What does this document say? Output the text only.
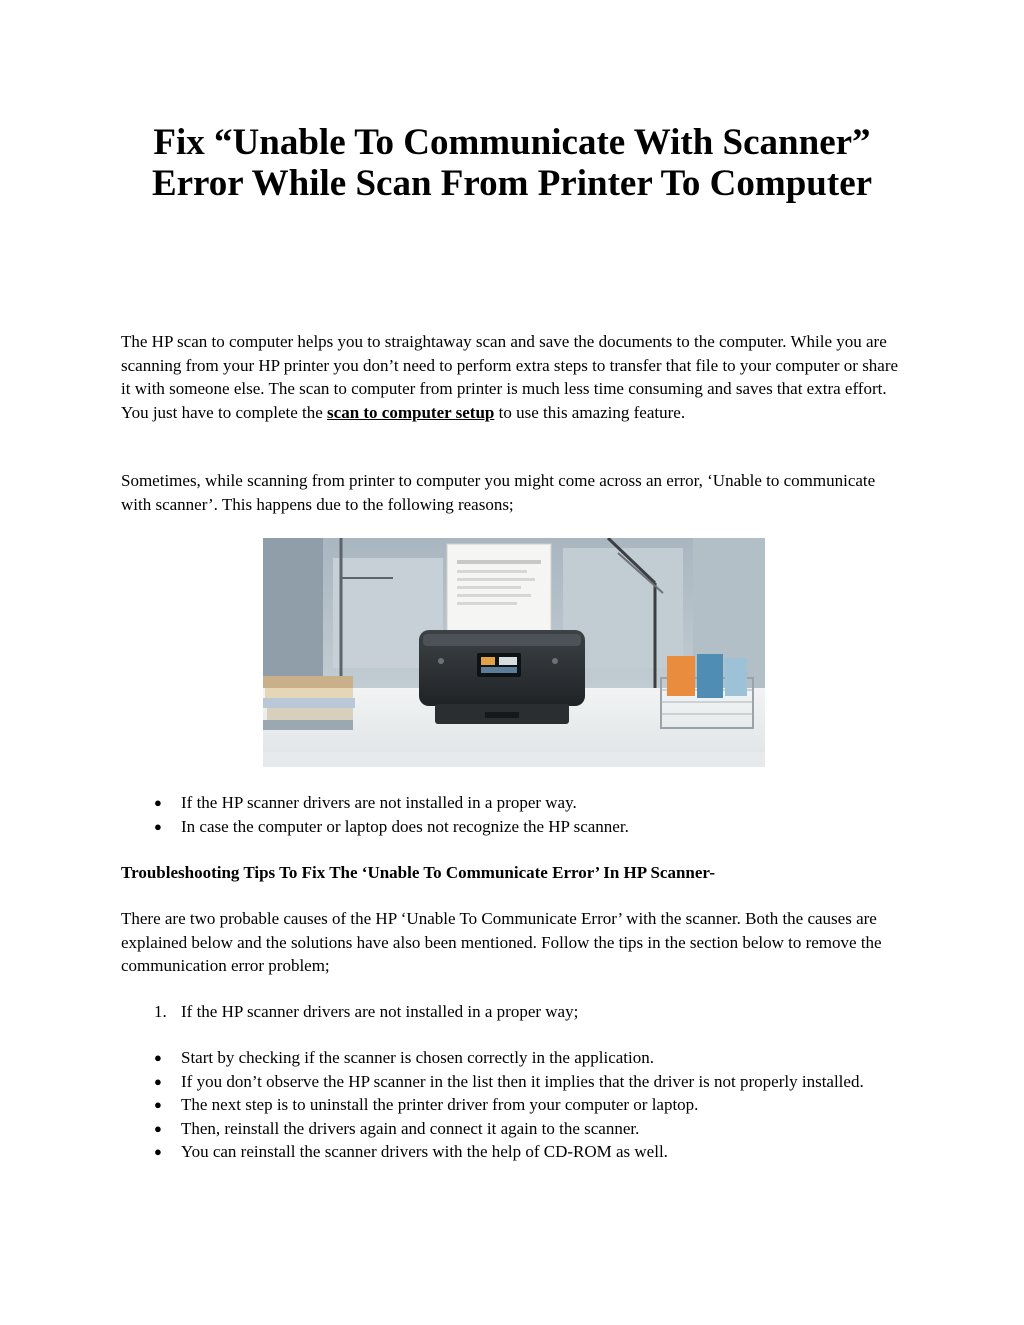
Fix “Unable To Communicate With Scanner” Error While Scan From Printer To Computer

The HP scan to computer helps you to straightaway scan and save the documents to the computer. While you are scanning from your HP printer you don’t need to perform extra steps to transfer that file to your computer or share it with someone else. The scan to computer from printer is much less time consuming and saves that extra effort. You just have to complete the scan to computer setup to use this amazing feature.

Sometimes, while scanning from printer to computer you might come across an error, ‘Unable to communicate with scanner’. This happens due to the following reasons;

● If the HP scanner drivers are not installed in a proper way.
● In case the computer or laptop does not recognize the HP scanner.

Troubleshooting Tips To Fix The ‘Unable To Communicate Error’ In HP Scanner-

There are two probable causes of the HP ‘Unable To Communicate Error’ with the scanner. Both the causes are explained below and the solutions have also been mentioned. Follow the tips in the section below to remove the communication error problem;

1. If the HP scanner drivers are not installed in a proper way;
● Start by checking if the scanner is chosen correctly in the application.
● If you don’t observe the HP scanner in the list then it implies that the driver is not properly installed.
● The next step is to uninstall the printer driver from your computer or laptop.
● Then, reinstall the drivers again and connect it again to the scanner.
● You can reinstall the scanner drivers with the help of CD-ROM as well.
